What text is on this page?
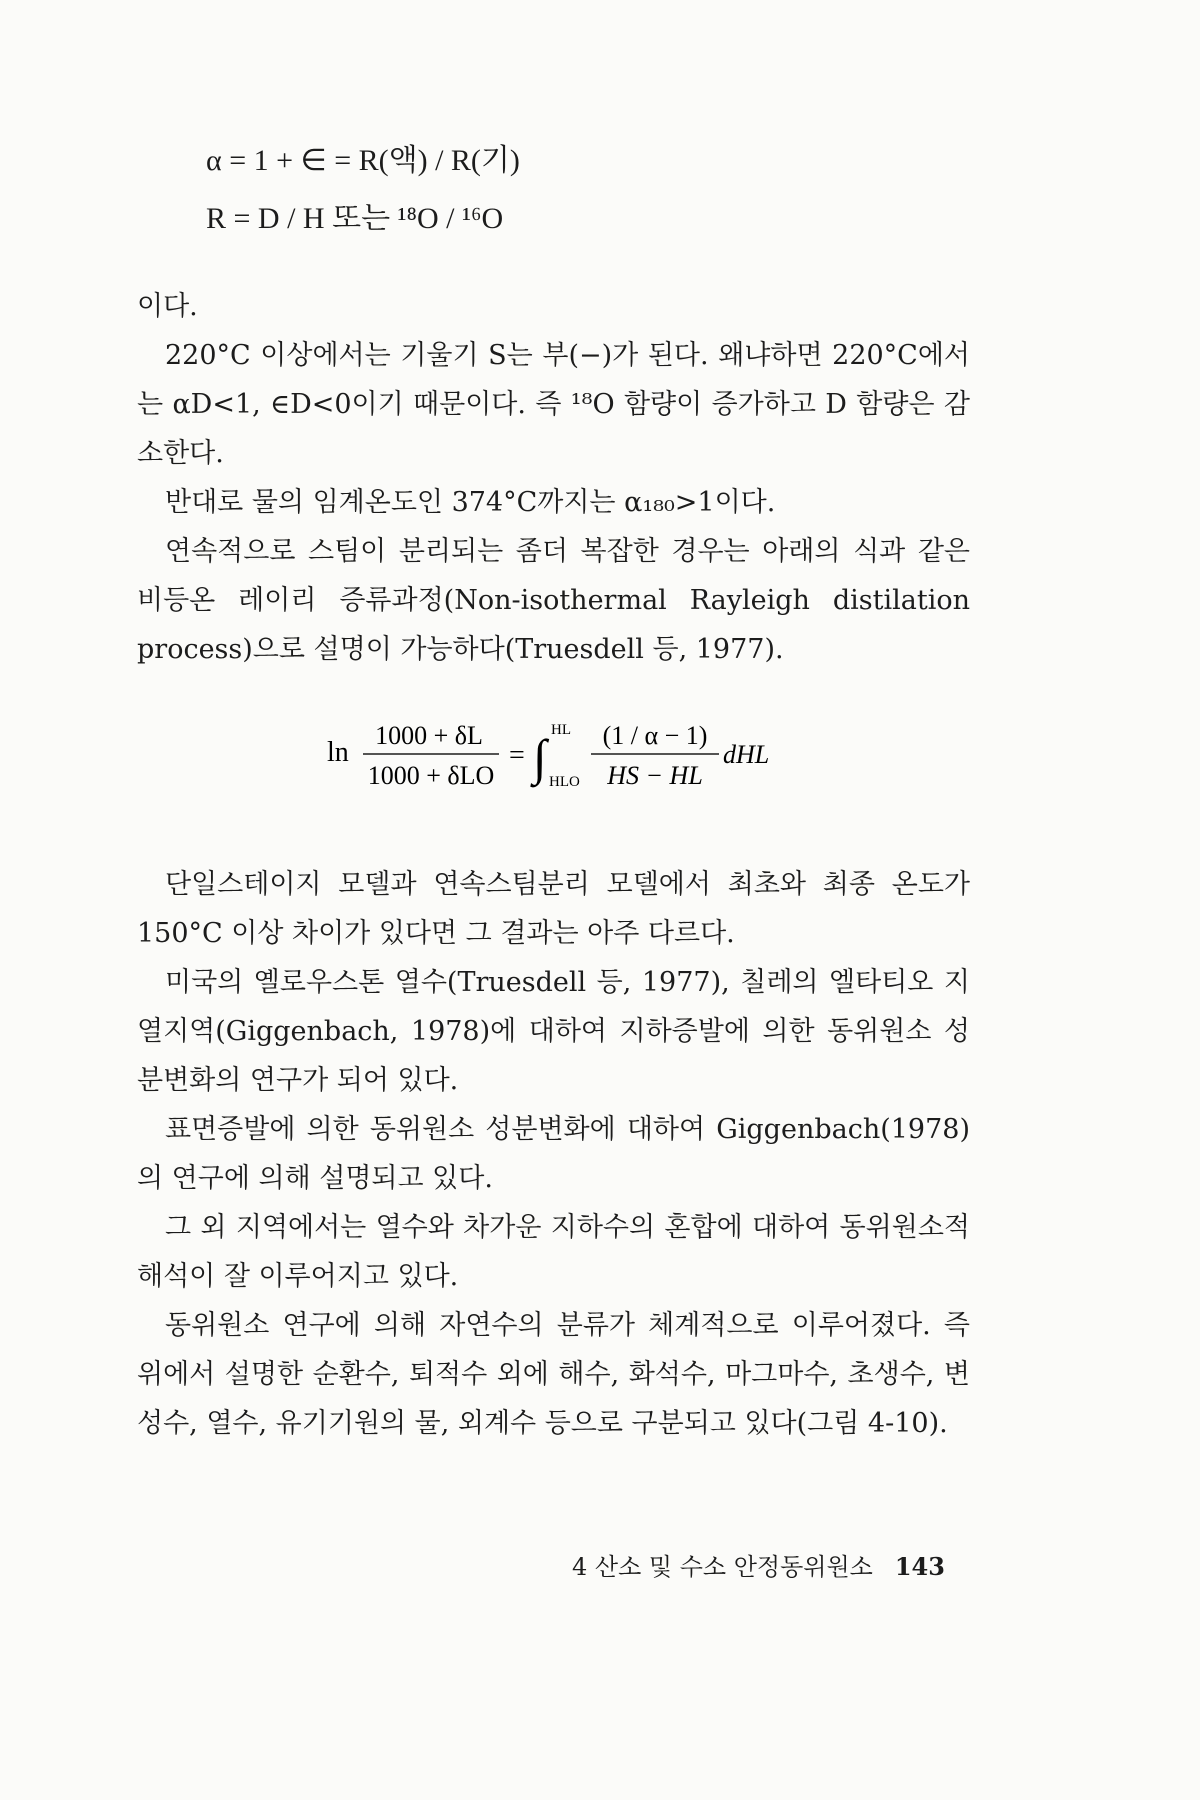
α = 1 + ∈ = R(액) / R(기)
R = D / H 또는 ¹⁸O / ¹⁶O

이다.

220°C 이상에서는 기울기 S는 부(−)가 된다. 왜냐하면 220°C에서는 αD<1, ∈D<0이기 때문이다. 즉 ¹⁸O 함량이 증가하고 D 함량은 감소한다.

반대로 물의 임계온도인 374°C까지는 α₁₈₀>1이다.

연속적으로 스팀이 분리되는 좀더 복잡한 경우는 아래의 식과 같은 비등온 레이리 증류과정(Non-isothermal Rayleigh distilation process)으로 설명이 가능하다(Truesdell 등, 1977).

ln
1000 + δL
1000 + δLO
= ∫ HL
HLO
(1 / α − 1)
HS − HL
dHL

단일스테이지 모델과 연속스팀분리 모델에서 최초와 최종 온도가 150°C 이상 차이가 있다면 그 결과는 아주 다르다.

미국의 옐로우스톤 열수(Truesdell 등, 1977), 칠레의 엘타티오 지열지역(Giggenbach, 1978)에 대하여 지하증발에 의한 동위원소 성분변화의 연구가 되어 있다.

표면증발에 의한 동위원소 성분변화에 대하여 Giggenbach(1978)의 연구에 의해 설명되고 있다.

그 외 지역에서는 열수와 차가운 지하수의 혼합에 대하여 동위원소적 해석이 잘 이루어지고 있다.

동위원소 연구에 의해 자연수의 분류가 체계적으로 이루어졌다. 즉 위에서 설명한 순환수, 퇴적수 외에 해수, 화석수, 마그마수, 초생수, 변성수, 열수, 유기기원의 물, 외계수 등으로 구분되고 있다(그림 4-10).

4 산소 및 수소 안정동위원소 143
